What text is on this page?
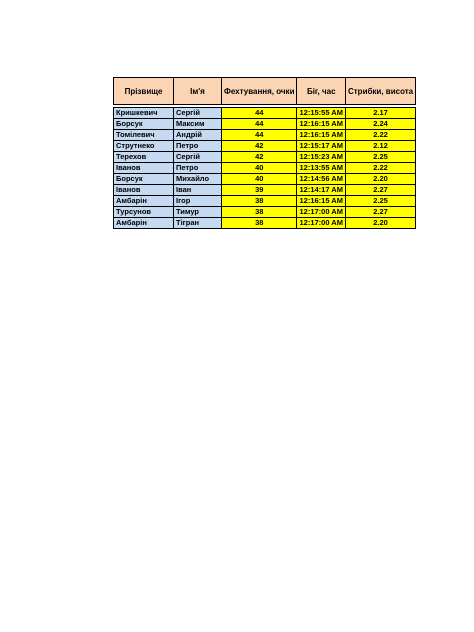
Прізвище	Ім'я	Фехтування, очки	Біг, час	Стрибки, висота

Кришкевич	Сергій	44	12:15:55 AM	2.17
Борсук	Максим	44	12:16:15 AM	2.24
Томілевич	Андрій	44	12:16:15 AM	2.22
Струтнеко	Петро	42	12:15:17 AM	2.12
Терехов	Сергій	42	12:15:23 AM	2.25
Іванов	Петро	40	12:13:55 AM	2.22
Борсук	Михайло	40	12:14:56 AM	2.20
Іванов	Іван	39	12:14:17 AM	2.27
Амбарін	Ігор	38	12:16:15 AM	2.25
Турсунов	Тимур	38	12:17:00 AM	2.27
Амбарін	Тігран	38	12:17:00 AM	2.20
